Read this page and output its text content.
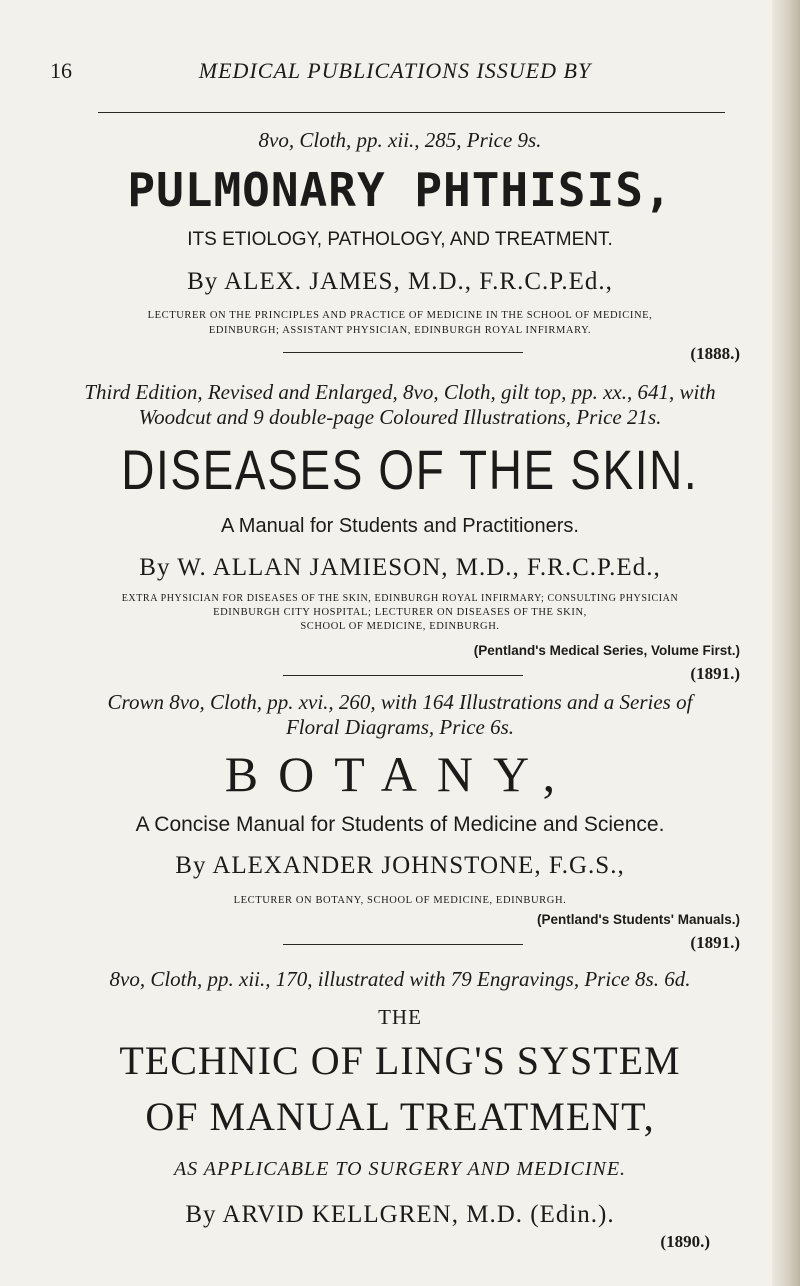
16	MEDICAL PUBLICATIONS ISSUED BY
8vo, Cloth, pp. xii., 285, Price 9s.
PULMONARY PHTHISIS,
ITS ETIOLOGY, PATHOLOGY, AND TREATMENT.
By ALEX. JAMES, M.D., F.R.C.P.Ed.,
LECTURER ON THE PRINCIPLES AND PRACTICE OF MEDICINE IN THE SCHOOL OF MEDICINE,
EDINBURGH; ASSISTANT PHYSICIAN, EDINBURGH ROYAL INFIRMARY.
(1888.)
Third Edition, Revised and Enlarged, 8vo, Cloth, gilt top, pp. xx., 641, with
Woodcut and 9 double-page Coloured Illustrations, Price 21s.
DISEASES OF THE SKIN.
A Manual for Students and Practitioners.
By W. ALLAN JAMIESON, M.D., F.R.C.P.Ed.,
EXTRA PHYSICIAN FOR DISEASES OF THE SKIN, EDINBURGH ROYAL INFIRMARY; CONSULTING PHYSICIAN
EDINBURGH CITY HOSPITAL; LECTURER ON DISEASES OF THE SKIN,
SCHOOL OF MEDICINE, EDINBURGH.
(Pentland's Medical Series, Volume First.)
(1891.)
Crown 8vo, Cloth, pp. xvi., 260, with 164 Illustrations and a Series of
Floral Diagrams, Price 6s.
BOTANY,
A Concise Manual for Students of Medicine and Science.
By ALEXANDER JOHNSTONE, F.G.S.,
LECTURER ON BOTANY, SCHOOL OF MEDICINE, EDINBURGH.
(Pentland's Students' Manuals.)
(1891.)
8vo, Cloth, pp. xii., 170, illustrated with 79 Engravings, Price 8s. 6d.
THE
TECHNIC OF LING'S SYSTEM
OF MANUAL TREATMENT,
AS APPLICABLE TO SURGERY AND MEDICINE.
By ARVID KELLGREN, M.D. (Edin.).
(1890.)
